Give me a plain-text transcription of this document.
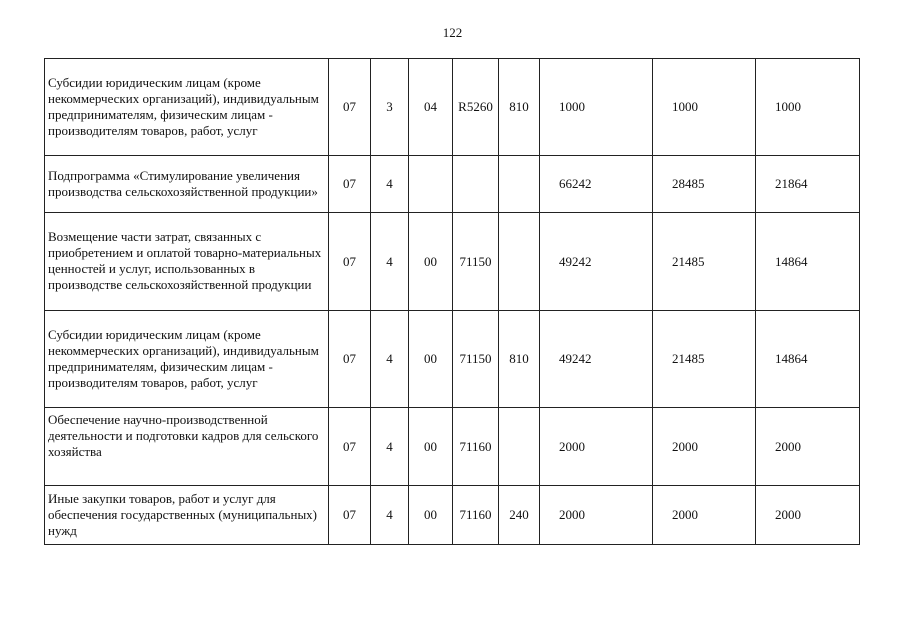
122
Субсидии юридическим лицам (кроме некоммерческих организаций), индивидуальным предпринимателям, физическим лицам - производителям товаров, работ, услуг	07	3	04	R5260	810	1000	1000	1000
Подпрограмма «Стимулирование увеличения производства сельскохозяйственной продукции»	07	4				66242	28485	21864
Возмещение части затрат, связанных с приобретением и оплатой товарно-материальных ценностей и услуг, использованных в производстве сельскохозяйственной продукции	07	4	00	71150		49242	21485	14864
Субсидии юридическим лицам (кроме некоммерческих организаций), индивидуальным предпринимателям, физическим лицам - производителям товаров, работ, услуг	07	4	00	71150	810	49242	21485	14864
Обеспечение научно-производственной деятельности и подготовки кадров для сельского хозяйства	07	4	00	71160		2000	2000	2000
Иные закупки товаров, работ и услуг для обеспечения государственных (муниципальных) нужд	07	4	00	71160	240	2000	2000	2000
